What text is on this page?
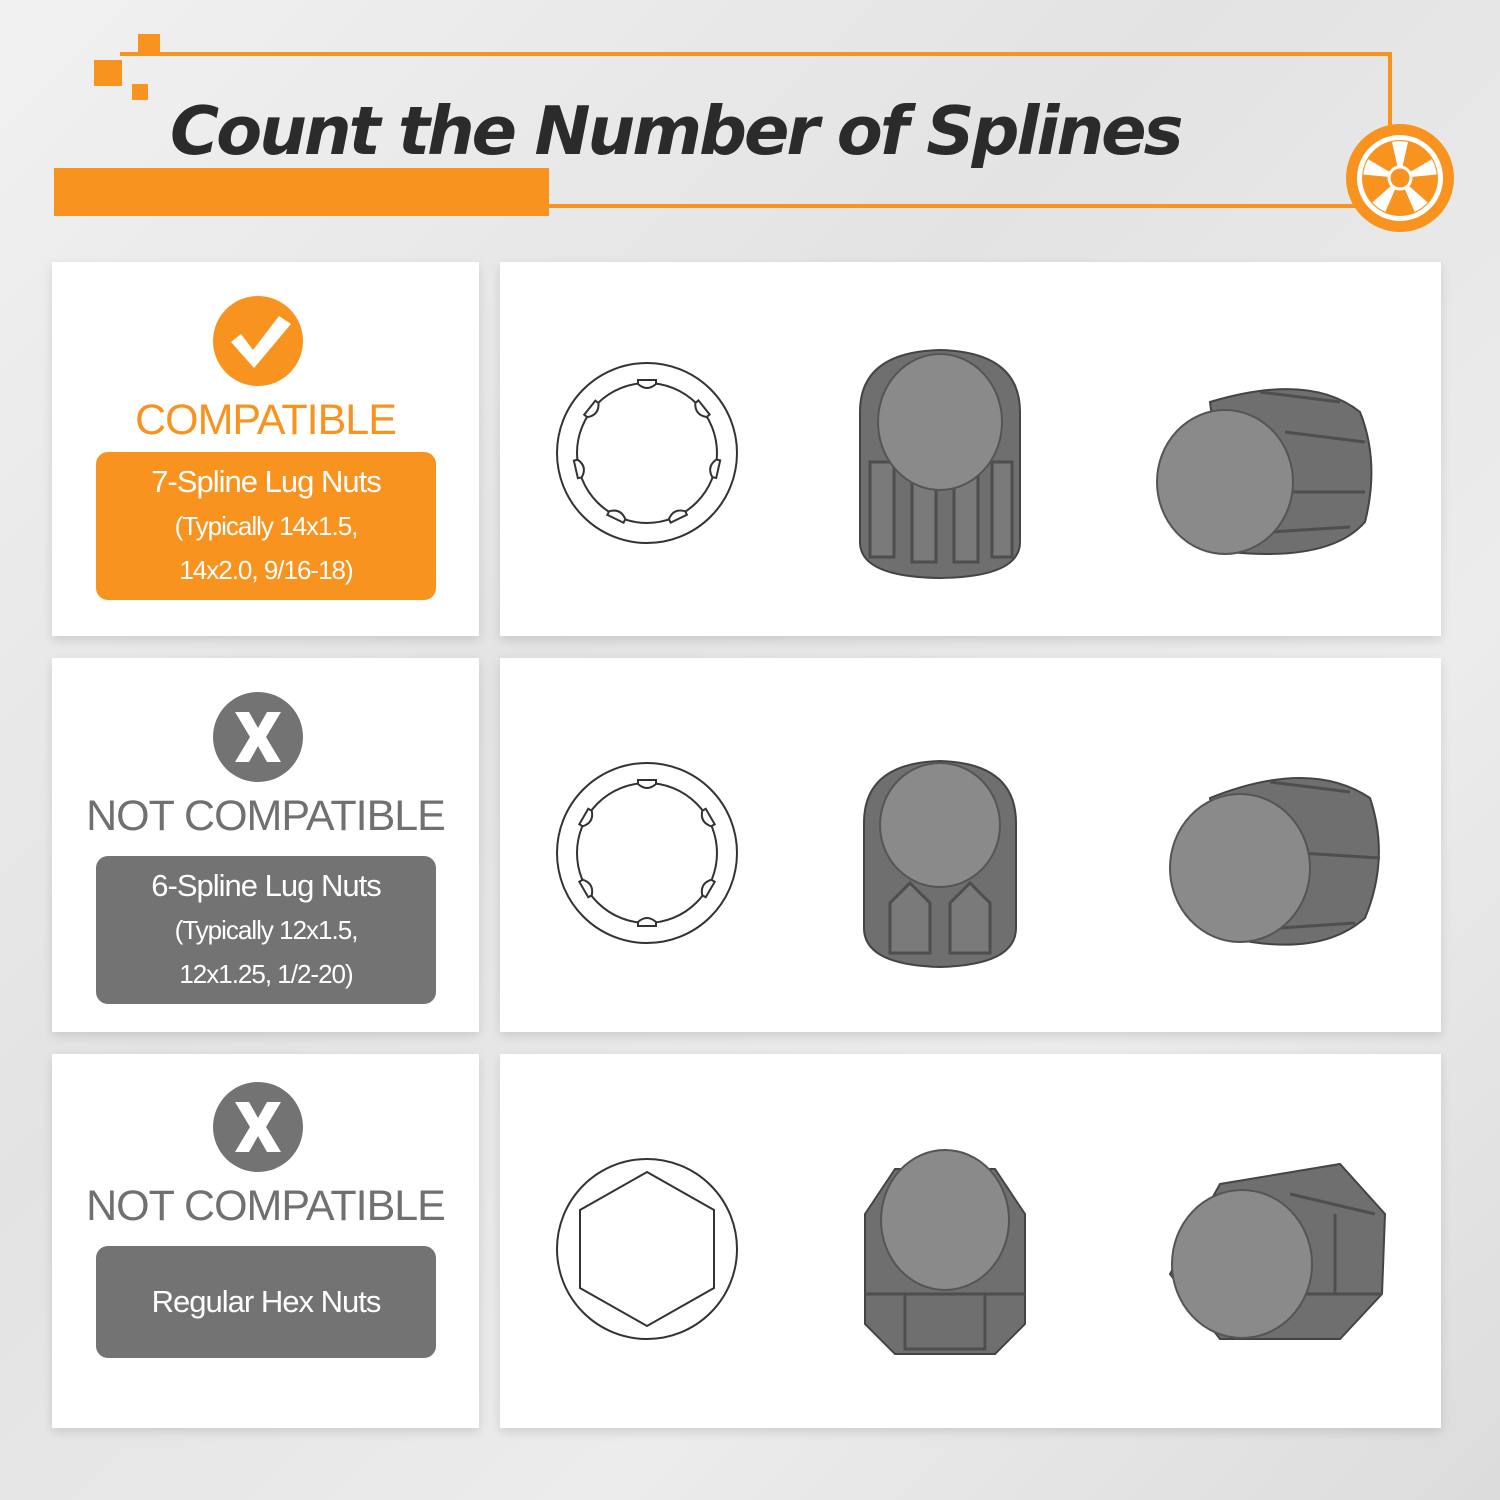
Count the Number of Splines
COMPATIBLE
7-Spline Lug Nuts
(Typically 14x1.5,
14x2.0, 9/16-18)
NOT COMPATIBLE
6-Spline Lug Nuts
(Typically 12x1.5,
12x1.25, 1/2-20)
NOT COMPATIBLE
Regular Hex Nuts
